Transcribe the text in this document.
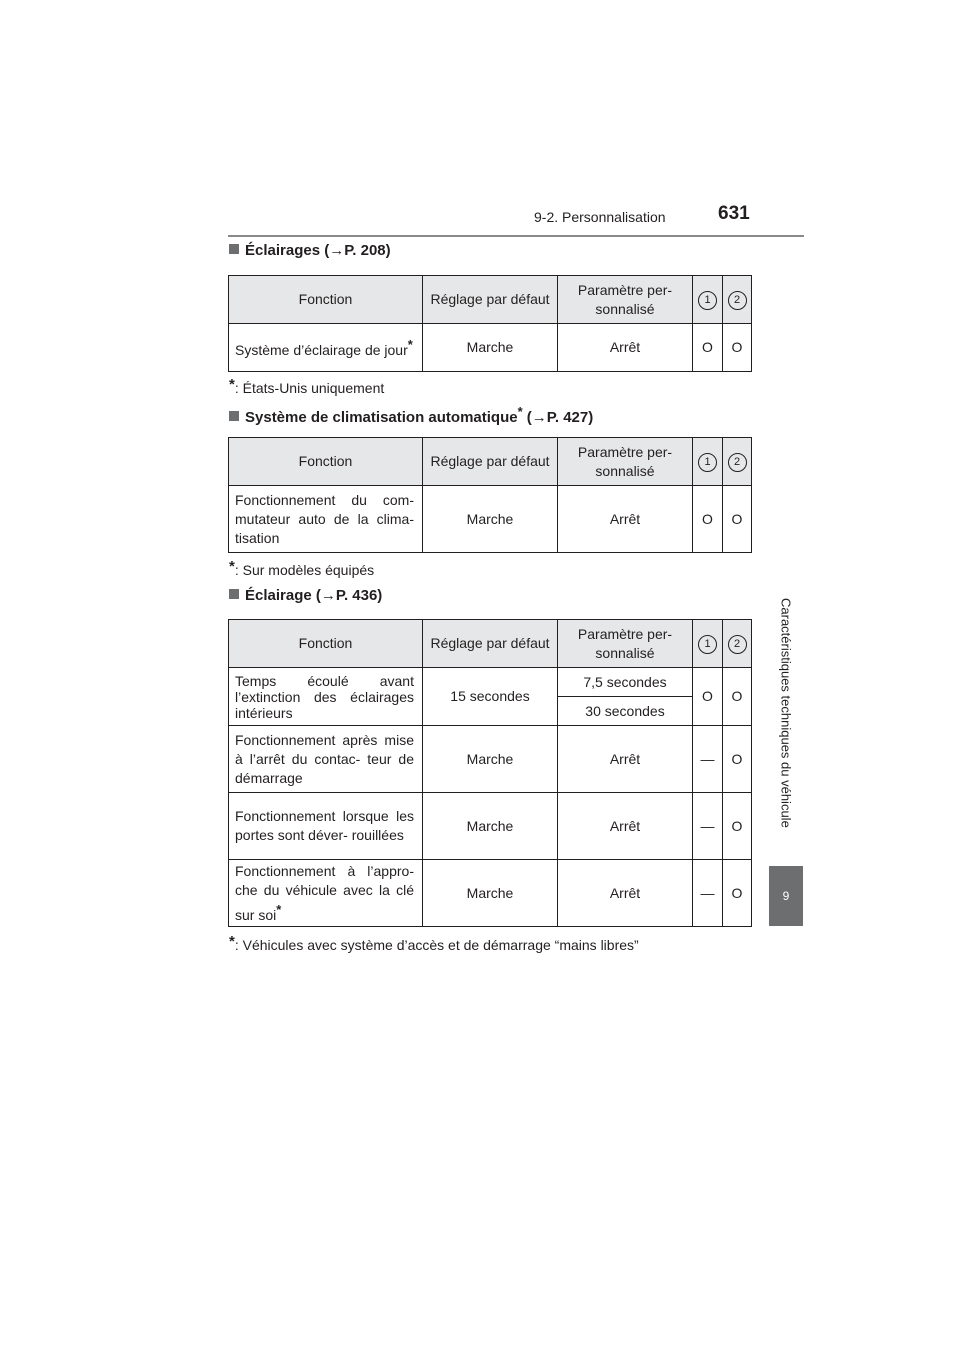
9-2. Personnalisation	631
Caractéristiques techniques du véhicule
9
Éclairages (→P. 208)
Fonction	Réglage par défaut	Paramètre per- sonnalisé	1	2
Système d’éclairage de jour*	Marche	Arrêt	O	O
*: États-Unis uniquement
Système de climatisation automatique* (→P. 427)
Fonction	Réglage par défaut	Paramètre per- sonnalisé	1	2
Fonctionnement du com- mutateur auto de la clima- tisation	Marche	Arrêt	O	O
*: Sur modèles équipés
Éclairage (→P. 436)
Fonction	Réglage par défaut	Paramètre per- sonnalisé	1	2
Temps écoulé avant l’extinction des éclairages intérieurs	15 secondes	7,5 secondes	O	O
		30 secondes		
Fonctionnement après mise à l’arrêt du contac- teur de démarrage	Marche	Arrêt	—	O
Fonctionnement lorsque les portes sont déver- rouillées	Marche	Arrêt	—	O
Fonctionnement à l’appro- che du véhicule avec la clé sur soi*	Marche	Arrêt	—	O
*: Véhicules avec système d’accès et de démarrage “mains libres”
